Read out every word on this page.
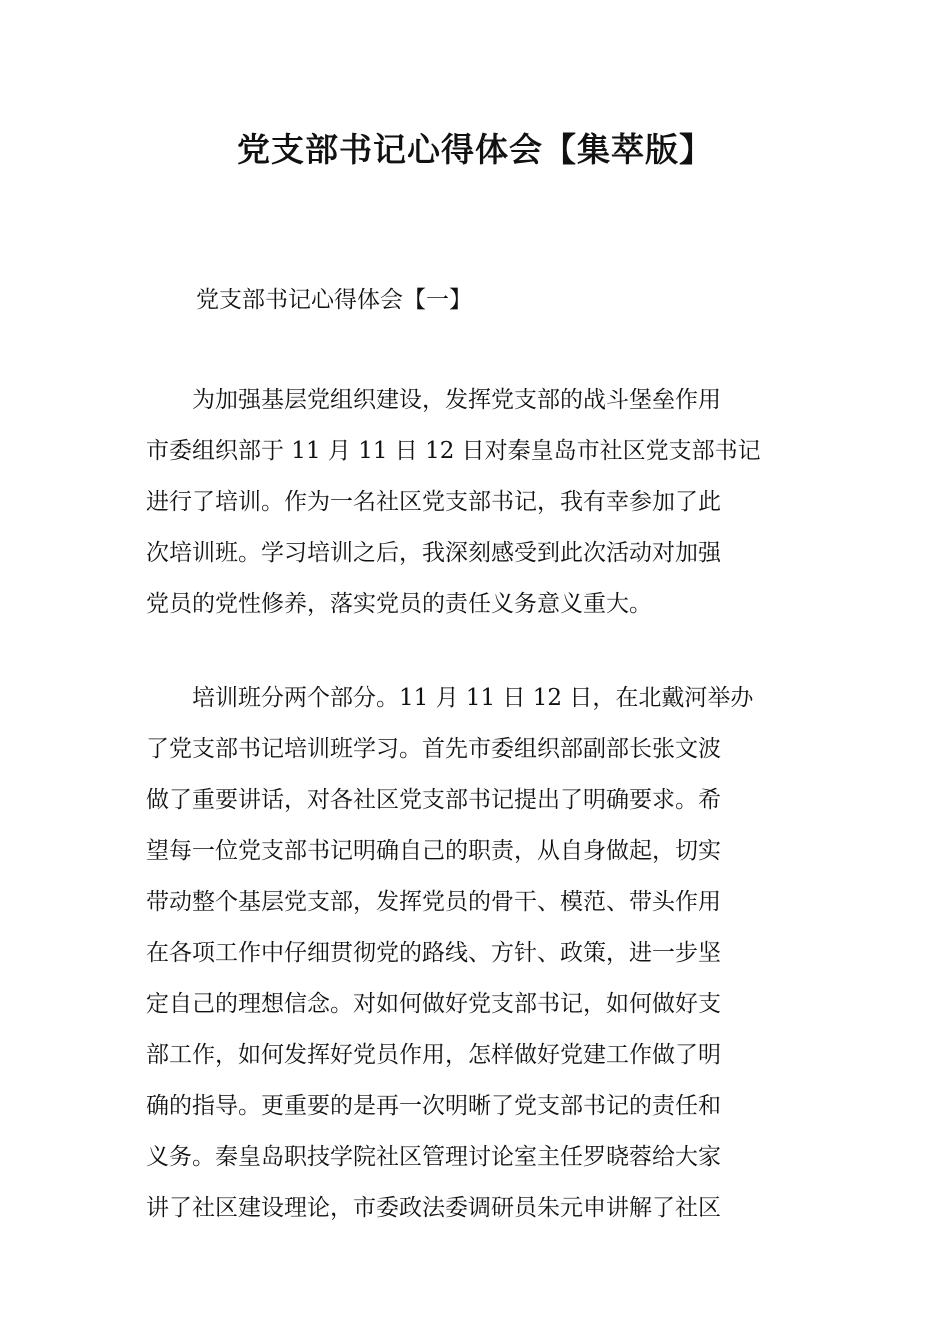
党支部书记心得体会【集萃版】

党支部书记心得体会【一】

　　为加强基层党组织建设，发挥党支部的战斗堡垒作用
市委组织部于 11 月 11 日 12 日对秦皇岛市社区党支部书记
进行了培训。作为一名社区党支部书记，我有幸参加了此
次培训班。学习培训之后，我深刻感受到此次活动对加强
党员的党性修养，落实党员的责任义务意义重大。

　　培训班分两个部分。11 月 11 日 12 日，在北戴河举办
了党支部书记培训班学习。首先市委组织部副部长张文波
做了重要讲话，对各社区党支部书记提出了明确要求。希
望每一位党支部书记明确自己的职责，从自身做起，切实
带动整个基层党支部，发挥党员的骨干、模范、带头作用
在各项工作中仔细贯彻党的路线、方针、政策，进一步坚
定自己的理想信念。对如何做好党支部书记，如何做好支
部工作，如何发挥好党员作用，怎样做好党建工作做了明
确的指导。更重要的是再一次明晰了党支部书记的责任和
义务。秦皇岛职技学院社区管理讨论室主任罗晓蓉给大家
讲了社区建设理论，市委政法委调研员朱元申讲解了社区
